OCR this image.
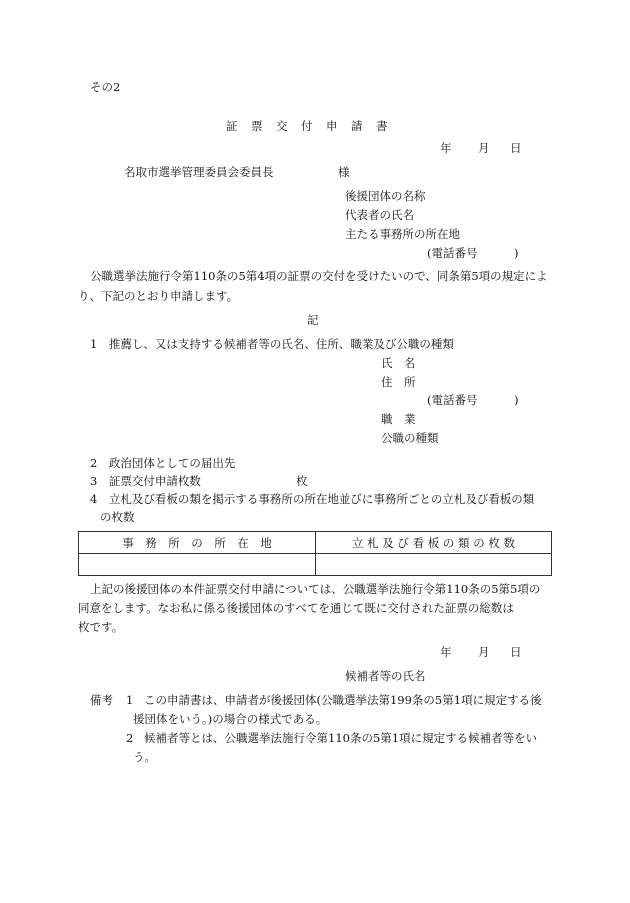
その2
証　票　交　付　申　請　書
年 月 日
名取市選挙管理委員会委員長	様
後援団体の名称
代表者の氏名
主たる事務所の所在地
(電話番号	)
公職選挙法施行令第110条の5第4項の証票の交付を受けたいので、同条第5項の規定により、下記のとおり申請します。
記
1　推薦し、又は支持する候補者等の氏名、住所、職業及び公職の種類
氏　名
住　所
(電話番号	)
職　業
公職の種類
2　政治団体としての届出先
3　証票交付申請枚数	枚
4　立札及び看板の類を掲示する事務所の所在地並びに事務所ごとの立札及び看板の類
の枚数
事　務　所　の　所　在　地	立 札 及 び 看 板 の 類 の 枚 数

上記の後援団体の本件証票交付申請については、公職選挙法施行令第110条の5第5項の
同意をします。なお私に係る後援団体のすべてを通じて既に交付された証票の総数は
枚です。
年 月 日
候補者等の氏名
備考 1 この申請書は、申請者が後援団体(公職選挙法第199条の5第1項に規定する後
援団体をいう。)の場合の様式である。
2 候補者等とは、公職選挙法施行令第110条の5第1項に規定する候補者等をい
う。
